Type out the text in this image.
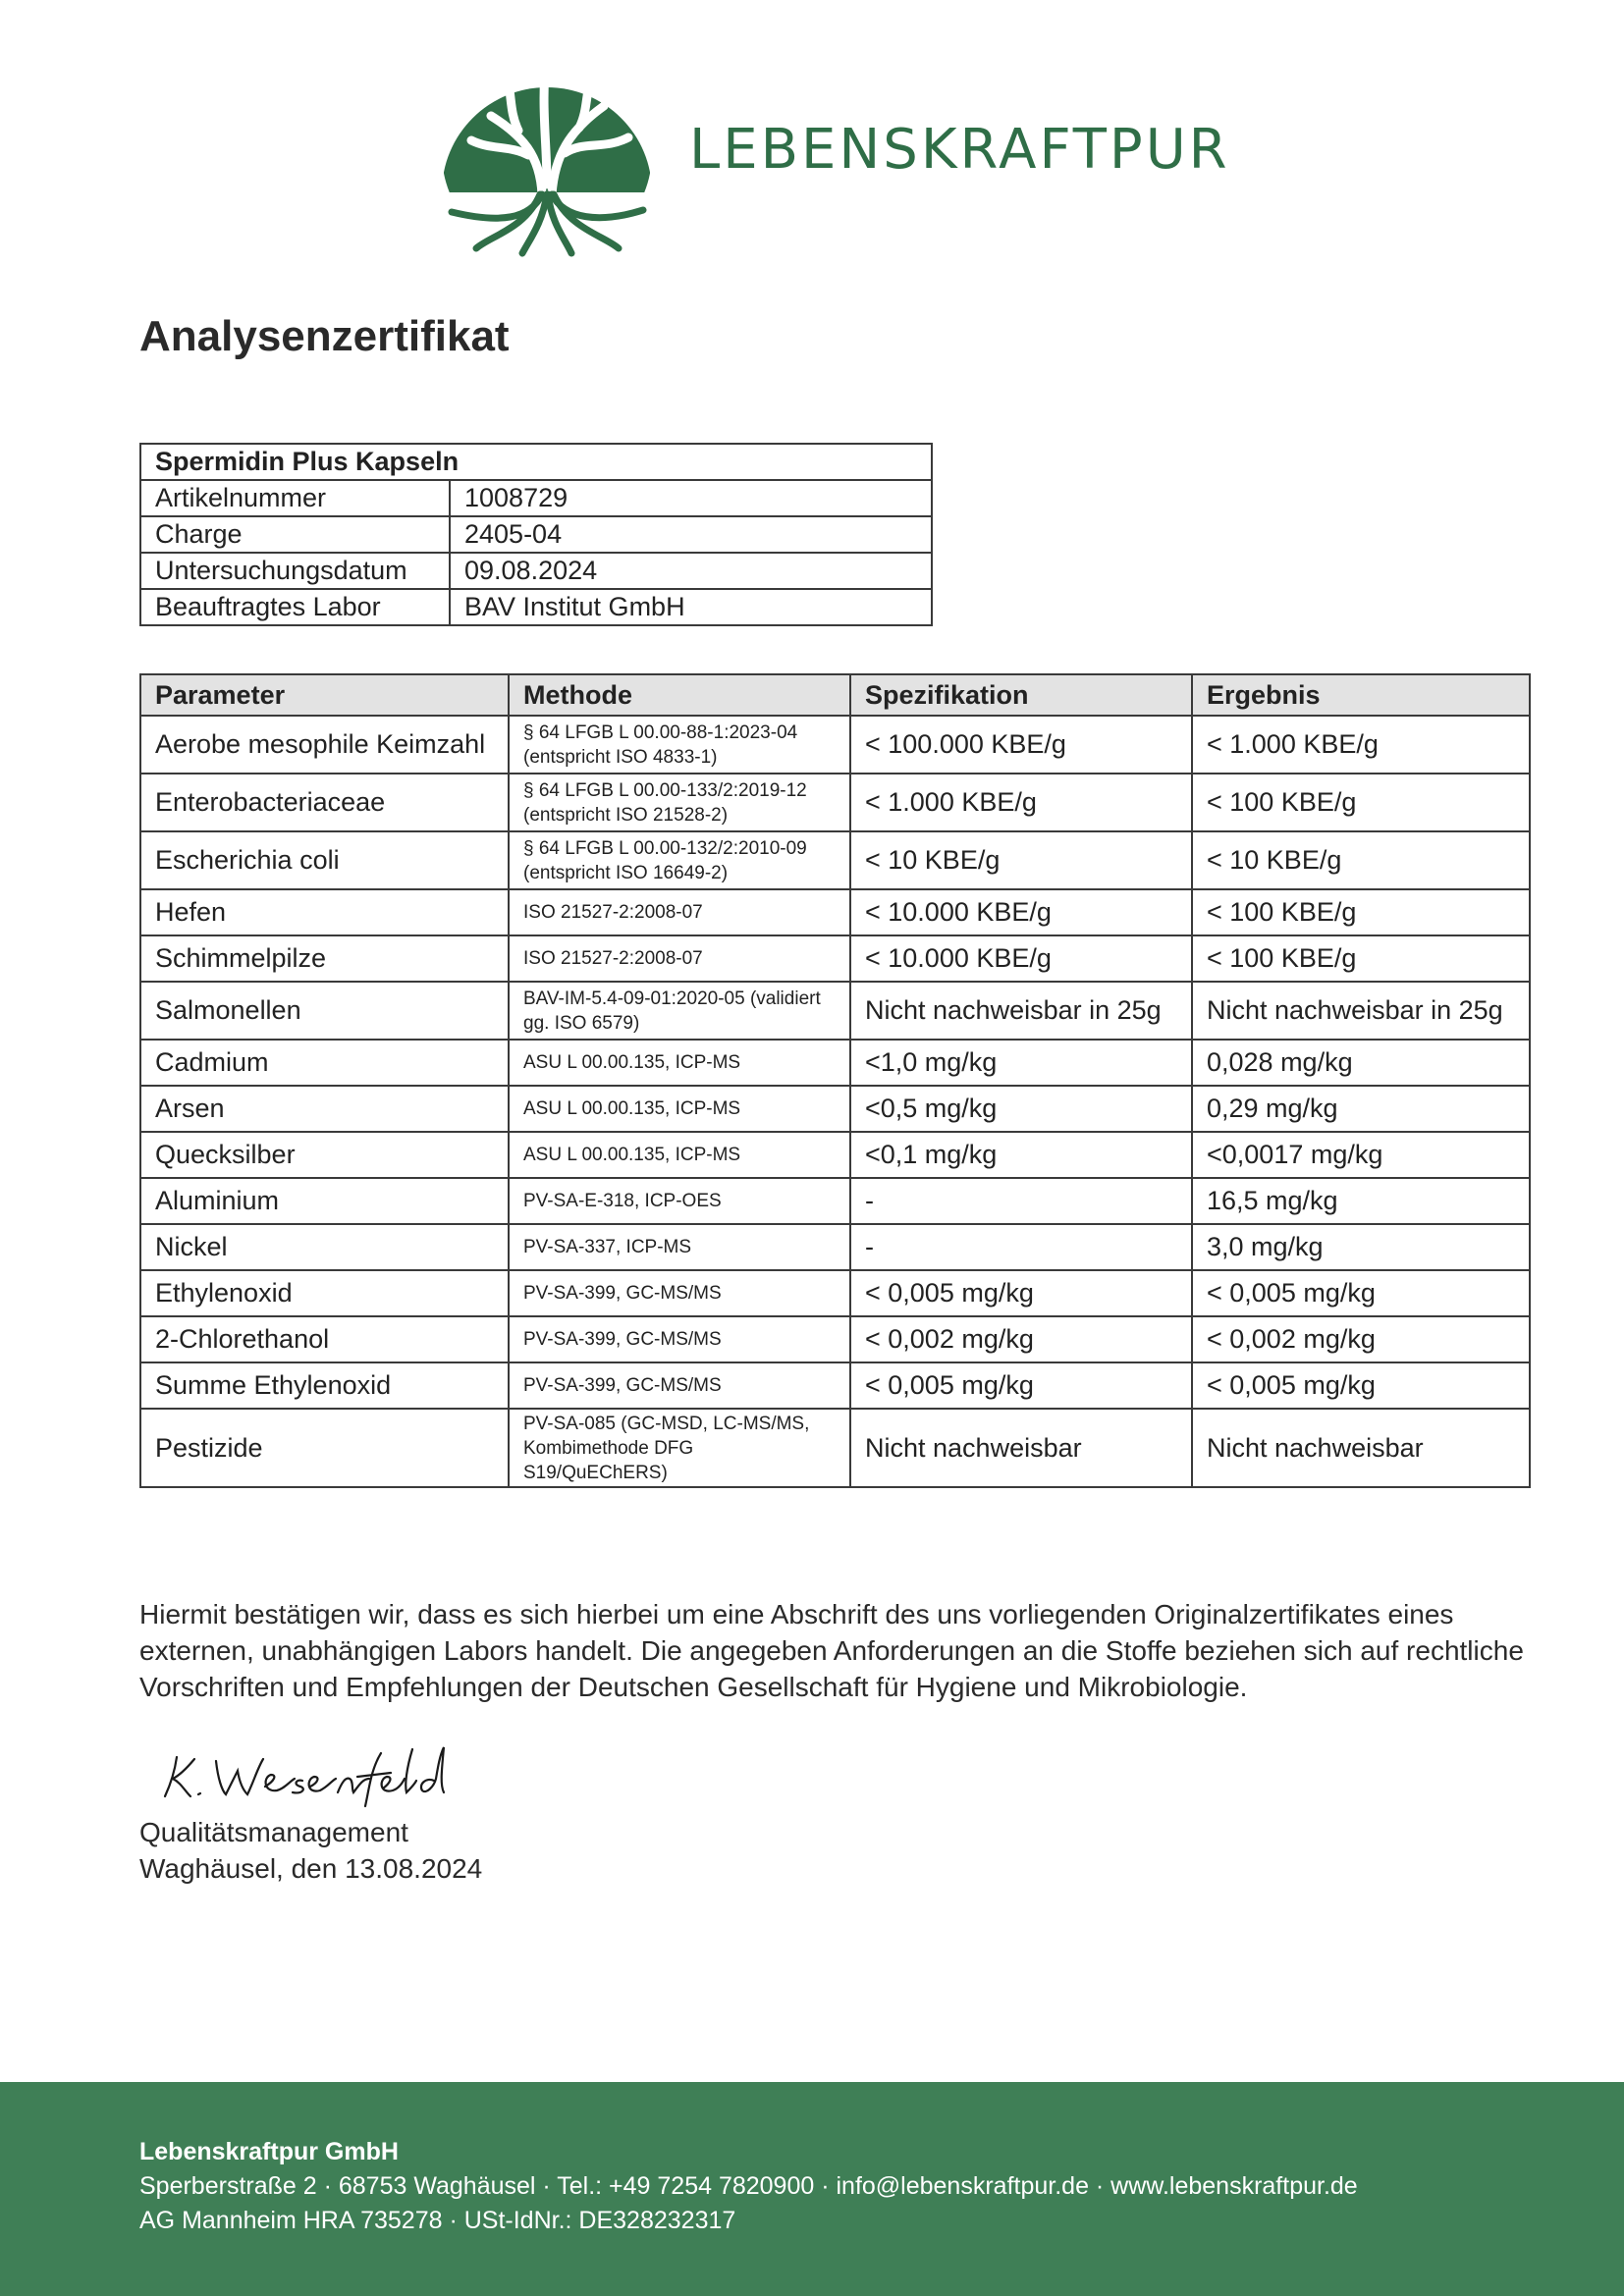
LEBENSKRAFTPUR
Analysenzertifikat
Spermidin Plus Kapseln	
Artikelnummer	1008729
Charge	2405-04
Untersuchungsdatum	09.08.2024
Beauftragtes Labor	BAV Institut GmbH
Parameter	Methode	Spezifikation	Ergebnis
Aerobe mesophile Keimzahl	§ 64 LFGB L 00.00-88-1:2023-04 (entspricht ISO 4833-1)	< 100.000 KBE/g	< 1.000 KBE/g
Enterobacteriaceae	§ 64 LFGB L 00.00-133/2:2019-12 (entspricht ISO 21528-2)	< 1.000 KBE/g	< 100 KBE/g
Escherichia coli	§ 64 LFGB L 00.00-132/2:2010-09 (entspricht ISO 16649-2)	< 10 KBE/g	< 10 KBE/g
Hefen	ISO 21527-2:2008-07	< 10.000 KBE/g	< 100 KBE/g
Schimmelpilze	ISO 21527-2:2008-07	< 10.000 KBE/g	< 100 KBE/g
Salmonellen	BAV-IM-5.4-09-01:2020-05 (validiert gg. ISO 6579)	Nicht nachweisbar in 25g	Nicht nachweisbar in 25g
Cadmium	ASU L 00.00.135, ICP-MS	<1,0 mg/kg	0,028 mg/kg
Arsen	ASU L 00.00.135, ICP-MS	<0,5 mg/kg	0,29 mg/kg
Quecksilber	ASU L 00.00.135, ICP-MS	<0,1 mg/kg	<0,0017 mg/kg
Aluminium	PV-SA-E-318, ICP-OES	-	16,5 mg/kg
Nickel	PV-SA-337, ICP-MS	-	3,0 mg/kg
Ethylenoxid	PV-SA-399, GC-MS/MS	< 0,005 mg/kg	< 0,005 mg/kg
2-Chlorethanol	PV-SA-399, GC-MS/MS	< 0,002 mg/kg	< 0,002 mg/kg
Summe Ethylenoxid	PV-SA-399, GC-MS/MS	< 0,005 mg/kg	< 0,005 mg/kg
Pestizide	PV-SA-085 (GC-MSD, LC-MS/MS, Kombimethode DFG S19/QuEChERS)	Nicht nachweisbar	Nicht nachweisbar

Hiermit bestätigen wir, dass es sich hierbei um eine Abschrift des uns vorliegenden Originalzertifikates eines externen, unabhängigen Labors handelt. Die angegeben Anforderungen an die Stoffe beziehen sich auf rechtliche Vorschriften und Empfehlungen der Deutschen Gesellschaft für Hygiene und Mikrobiologie.

Qualitätsmanagement
Waghäusel, den 13.08.2024
Lebenskraftpur GmbH
Sperberstraße 2 · 68753 Waghäusel · Tel.: +49 7254 7820900 · info@lebenskraftpur.de · www.lebenskraftpur.de
AG Mannheim HRA 735278 · USt-IdNr.: DE328232317
